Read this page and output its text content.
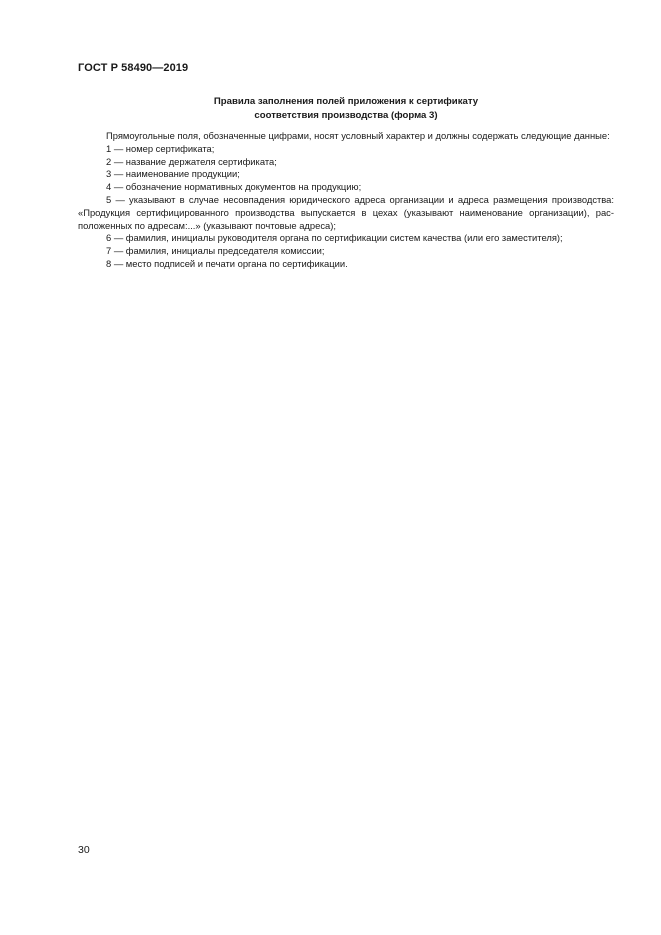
ГОСТ Р 58490—2019
Правила заполнения полей приложения к сертификату
соответствия производства (форма 3)

Прямоугольные поля, обозначенные цифрами, носят условный характер и должны содержать следующие данные:

1 — номер сертификата;

2 — название держателя сертификата;

3 — наименование продукции;

4 — обозначение нормативных документов на продукцию;

5 — указывают в случае несовпадения юридического адреса организации и адреса размещения производства: «Продукция сертифицированного производства выпускается в цехах (указывают наименование организации), рас-положенных по адресам:...» (указывают почтовые адреса);

6 — фамилия, инициалы руководителя органа по сертификации систем качества (или его заместителя);

7 — фамилия, инициалы председателя комиссии;

8 — место подписей и печати органа по сертификации.

30
